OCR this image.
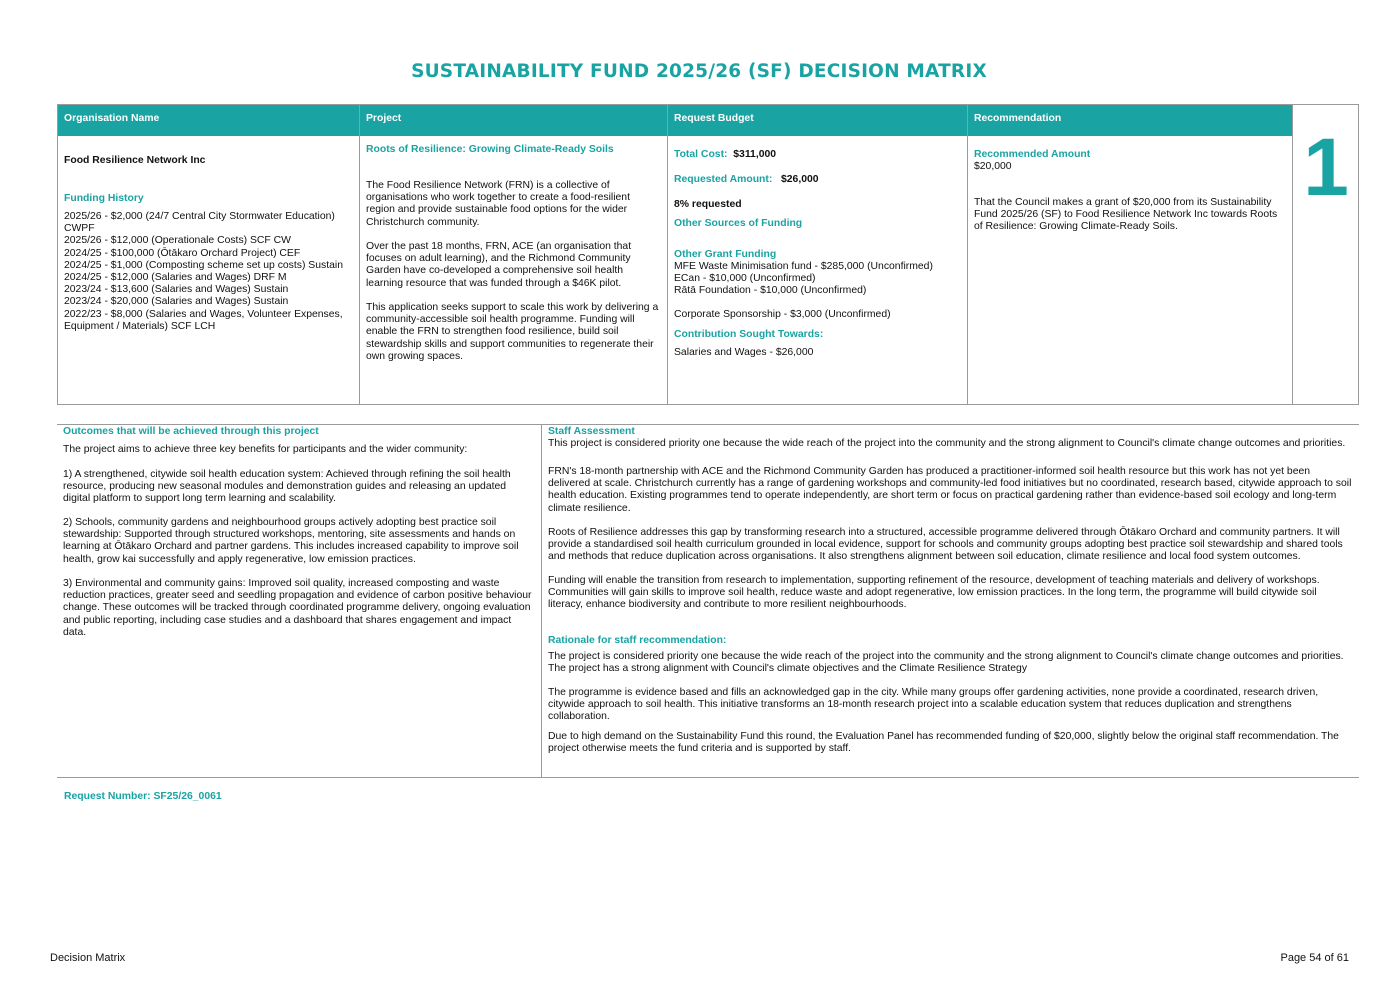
SUSTAINABILITY FUND 2025/26 (SF) DECISION MATRIX
Organisation Name
Food Resilience Network Inc
Funding History
2025/26 - $2,000 (24/7 Central City Stormwater Education)
CWPF
2025/26 - $12,000 (Operationale Costs) SCF CW
2024/25 - $100,000 (Ōtākaro Orchard Project) CEF
2024/25 - $1,000 (Composting scheme set up costs) Sustain
2024/25 - $12,000 (Salaries and Wages) DRF M
2023/24 - $13,600 (Salaries and Wages) Sustain
2023/24 - $20,000 (Salaries and Wages) Sustain
2022/23 - $8,000 (Salaries and Wages, Volunteer Expenses,
Equipment / Materials) SCF LCH
Project
Roots of Resilience: Growing Climate-Ready Soils
The Food Resilience Network (FRN) is a collective of organisations who work together to create a food-resilient region and provide sustainable food options for the wider Christchurch community.
Over the past 18 months, FRN, ACE (an organisation that focuses on adult learning), and the Richmond Community Garden have co-developed a comprehensive soil health learning resource that was funded through a $46K pilot.
This application seeks support to scale this work by delivering a community-accessible soil health programme. Funding will enable the FRN to strengthen food resilience, build soil stewardship skills and support communities to regenerate their own growing spaces.
Request Budget
Total Cost: $311,000
Requested Amount: $26,000
8% requested
Other Sources of Funding
Other Grant Funding
MFE Waste Minimisation fund - $285,000 (Unconfirmed)
ECan - $10,000 (Unconfirmed)
Rātā Foundation - $10,000 (Unconfirmed)
Corporate Sponsorship - $3,000 (Unconfirmed)
Contribution Sought Towards:
Salaries and Wages - $26,000
Recommendation
Recommended Amount
$20,000
That the Council makes a grant of $20,000 from its Sustainability Fund 2025/26 (SF) to Food Resilience Network Inc towards Roots of Resilience: Growing Climate-Ready Soils.
1
Outcomes that will be achieved through this project
The project aims to achieve three key benefits for participants and the wider community:
1) A strengthened, citywide soil health education system: Achieved through refining the soil health resource, producing new seasonal modules and demonstration guides and releasing an updated digital platform to support long term learning and scalability.
2) Schools, community gardens and neighbourhood groups actively adopting best practice soil stewardship: Supported through structured workshops, mentoring, site assessments and hands on learning at Ōtākaro Orchard and partner gardens. This includes increased capability to improve soil health, grow kai successfully and apply regenerative, low emission practices.
3) Environmental and community gains: Improved soil quality, increased composting and waste reduction practices, greater seed and seedling propagation and evidence of carbon positive behaviour change. These outcomes will be tracked through coordinated programme delivery, ongoing evaluation and public reporting, including case studies and a dashboard that shares engagement and impact data.
Staff Assessment
This project is considered priority one because the wide reach of the project into the community and the strong alignment to Council's climate change outcomes and priorities.
FRN's 18-month partnership with ACE and the Richmond Community Garden has produced a practitioner-informed soil health resource but this work has not yet been delivered at scale. Christchurch currently has a range of gardening workshops and community-led food initiatives but no coordinated, research based, citywide approach to soil health education. Existing programmes tend to operate independently, are short term or focus on practical gardening rather than evidence-based soil ecology and long-term climate resilience.
Roots of Resilience addresses this gap by transforming research into a structured, accessible programme delivered through Ōtākaro Orchard and community partners. It will provide a standardised soil health curriculum grounded in local evidence, support for schools and community groups adopting best practice soil stewardship and shared tools and methods that reduce duplication across organisations. It also strengthens alignment between soil education, climate resilience and local food system outcomes.
Funding will enable the transition from research to implementation, supporting refinement of the resource, development of teaching materials and delivery of workshops. Communities will gain skills to improve soil health, reduce waste and adopt regenerative, low emission practices. In the long term, the programme will build citywide soil literacy, enhance biodiversity and contribute to more resilient neighbourhoods.
Rationale for staff recommendation:
The project is considered priority one because the wide reach of the project into the community and the strong alignment to Council's climate change outcomes and priorities. The project has a strong alignment with Council's climate objectives and the Climate Resilience Strategy
The programme is evidence based and fills an acknowledged gap in the city. While many groups offer gardening activities, none provide a coordinated, research driven, citywide approach to soil health. This initiative transforms an 18-month research project into a scalable education system that reduces duplication and strengthens collaboration.
Due to high demand on the Sustainability Fund this round, the Evaluation Panel has recommended funding of $20,000, slightly below the original staff recommendation. The project otherwise meets the fund criteria and is supported by staff.
Request Number: SF25/26_0061
Decision Matrix	Page 54 of 61
